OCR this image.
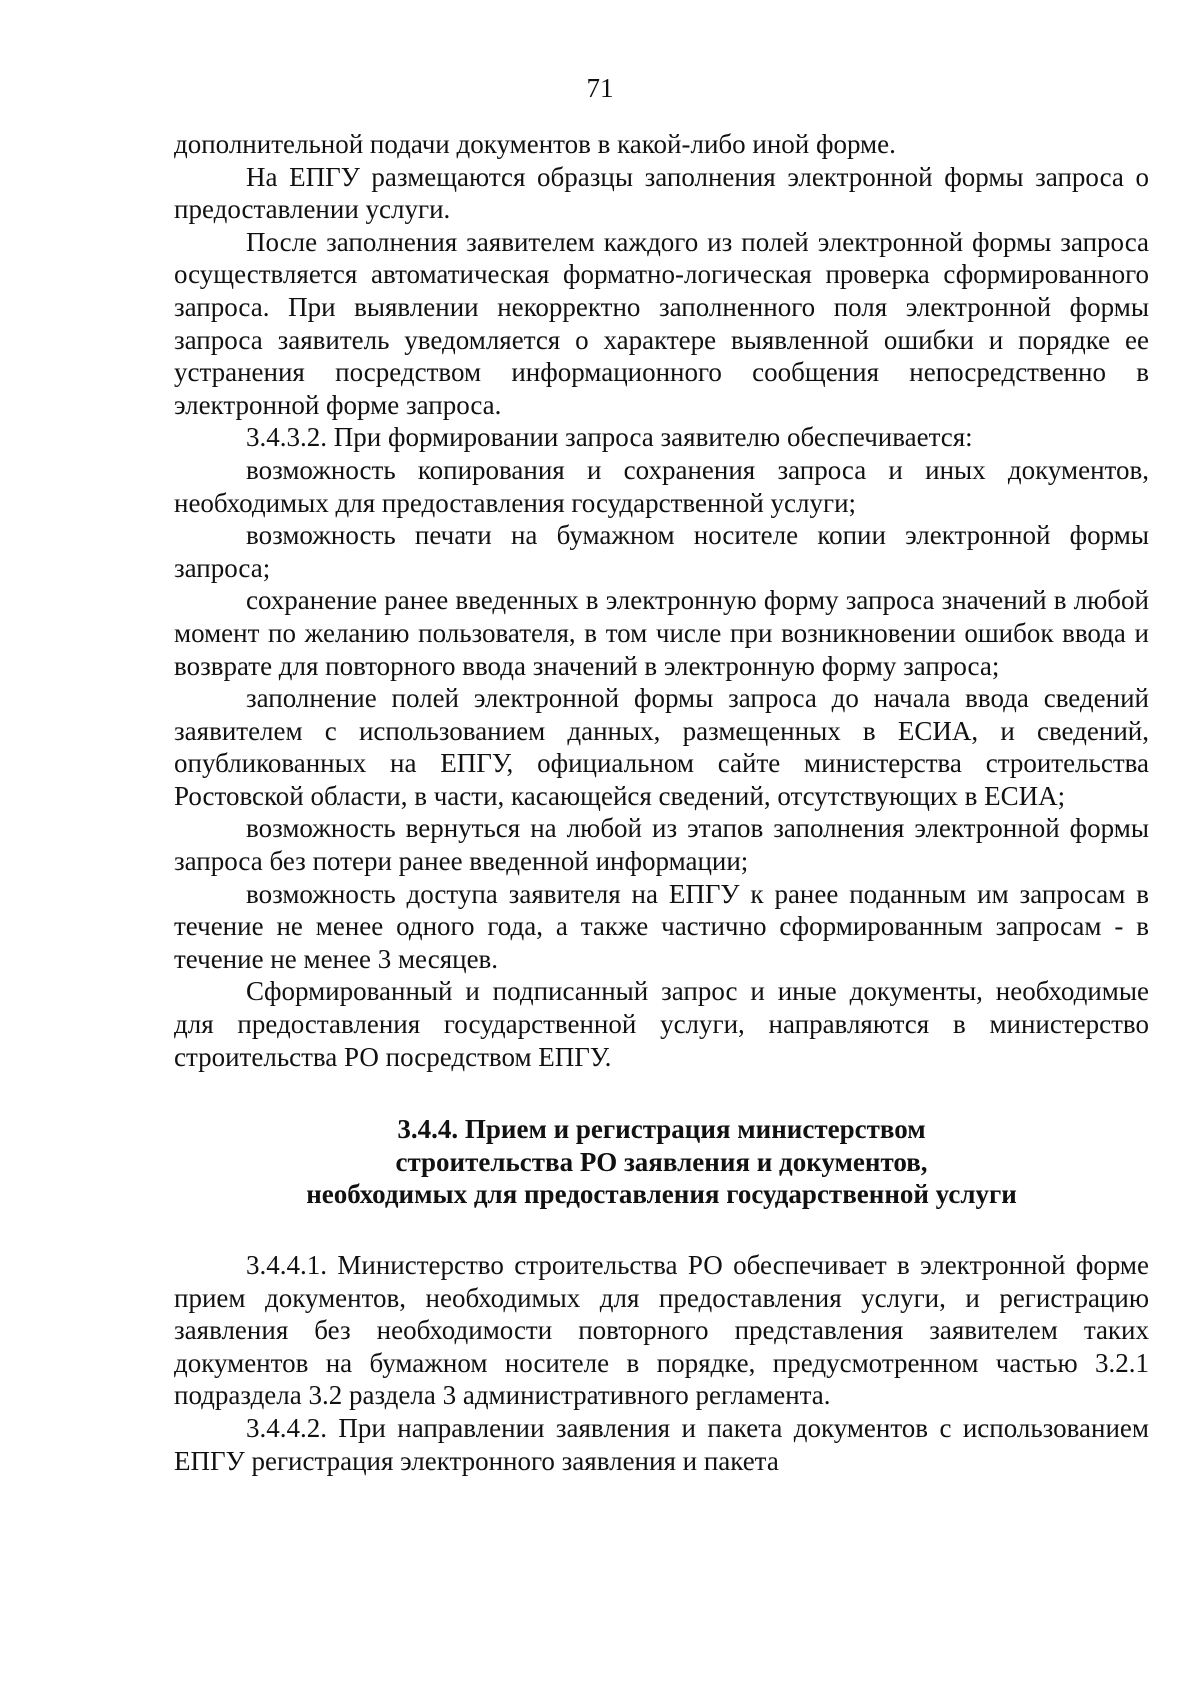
71

дополнительной подачи документов в какой-либо иной форме.

На ЕПГУ размещаются образцы заполнения электронной формы запроса о предоставлении услуги.

После заполнения заявителем каждого из полей электронной формы запроса осуществляется автоматическая форматно-логическая проверка сформированного запроса. При выявлении некорректно заполненного поля электронной формы запроса заявитель уведомляется о характере выявленной ошибки и порядке ее устранения посредством информационного сообщения непосредственно в электронной форме запроса.

3.4.3.2. При формировании запроса заявителю обеспечивается:

возможность копирования и сохранения запроса и иных документов, необходимых для предоставления государственной услуги;

возможность печати на бумажном носителе копии электронной формы запроса;

сохранение ранее введенных в электронную форму запроса значений в любой момент по желанию пользователя, в том числе при возникновении ошибок ввода и возврате для повторного ввода значений в электронную форму запроса;

заполнение полей электронной формы запроса до начала ввода сведений заявителем с использованием данных, размещенных в ЕСИА, и сведений, опубликованных на ЕПГУ, официальном сайте министерства строительства Ростовской области, в части, касающейся сведений, отсутствующих в ЕСИА;

возможность вернуться на любой из этапов заполнения электронной формы запроса без потери ранее введенной информации;

возможность доступа заявителя на ЕПГУ к ранее поданным им запросам в течение не менее одного года, а также частично сформированным запросам - в течение не менее 3 месяцев.

Сформированный и подписанный запрос и иные документы, необходимые для предоставления государственной услуги, направляются в министерство строительства РО посредством ЕПГУ.

3.4.4. Прием и регистрация министерством
строительства РО заявления и документов,
необходимых для предоставления государственной услуги

3.4.4.1. Министерство строительства РО обеспечивает в электронной форме прием документов, необходимых для предоставления услуги, и регистрацию заявления без необходимости повторного представления заявителем таких документов на бумажном носителе в порядке, предусмотренном частью 3.2.1 подраздела 3.2 раздела 3 административного регламента.

3.4.4.2. При направлении заявления и пакета документов с использованием ЕПГУ регистрация электронного заявления и пакета
